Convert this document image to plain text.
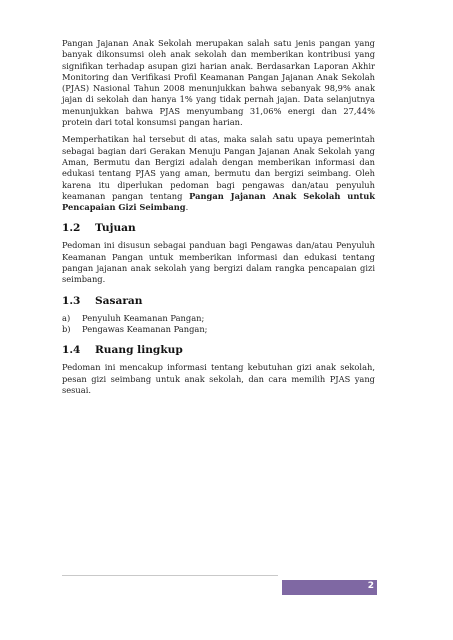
Pangan Jajanan Anak Sekolah merupakan salah satu jenis pangan yang banyak dikonsumsi oleh anak sekolah dan memberikan kontribusi yang signifikan terhadap asupan gizi harian anak. Berdasarkan Laporan Akhir Monitoring dan Verifikasi Profil Keamanan Pangan Jajanan Anak Sekolah (PJAS) Nasional Tahun 2008 menunjukkan bahwa sebanyak 98,9% anak jajan di sekolah dan hanya 1% yang tidak pernah jajan. Data selanjutnya menunjukkan bahwa PJAS menyumbang 31,06% energi dan 27,44% protein dari total konsumsi pangan harian.

Memperhatikan hal tersebut di atas, maka salah satu upaya pemerintah sebagai bagian dari Gerakan Menuju Pangan Jajanan Anak Sekolah yang Aman, Bermutu dan Bergizi adalah dengan memberikan informasi dan edukasi tentang PJAS yang aman, bermutu dan bergizi seimbang. Oleh karena itu diperlukan pedoman bagi pengawas dan/atau penyuluh keamanan pangan tentang Pangan Jajanan Anak Sekolah untuk Pencapaian Gizi Seimbang.

1.2 Tujuan

Pedoman ini disusun sebagai panduan bagi Pengawas dan/atau Penyuluh Keamanan Pangan untuk memberikan informasi dan edukasi tentang pangan jajanan anak sekolah yang bergizi dalam rangka pencapaian gizi seimbang.

1.3 Sasaran
a) Penyuluh Keamanan Pangan;
b) Pengawas Keamanan Pangan;
1.4 Ruang lingkup

Pedoman ini mencakup informasi tentang kebutuhan gizi anak sekolah, pesan gizi seimbang untuk anak sekolah, dan cara memilih PJAS yang sesuai.

2
